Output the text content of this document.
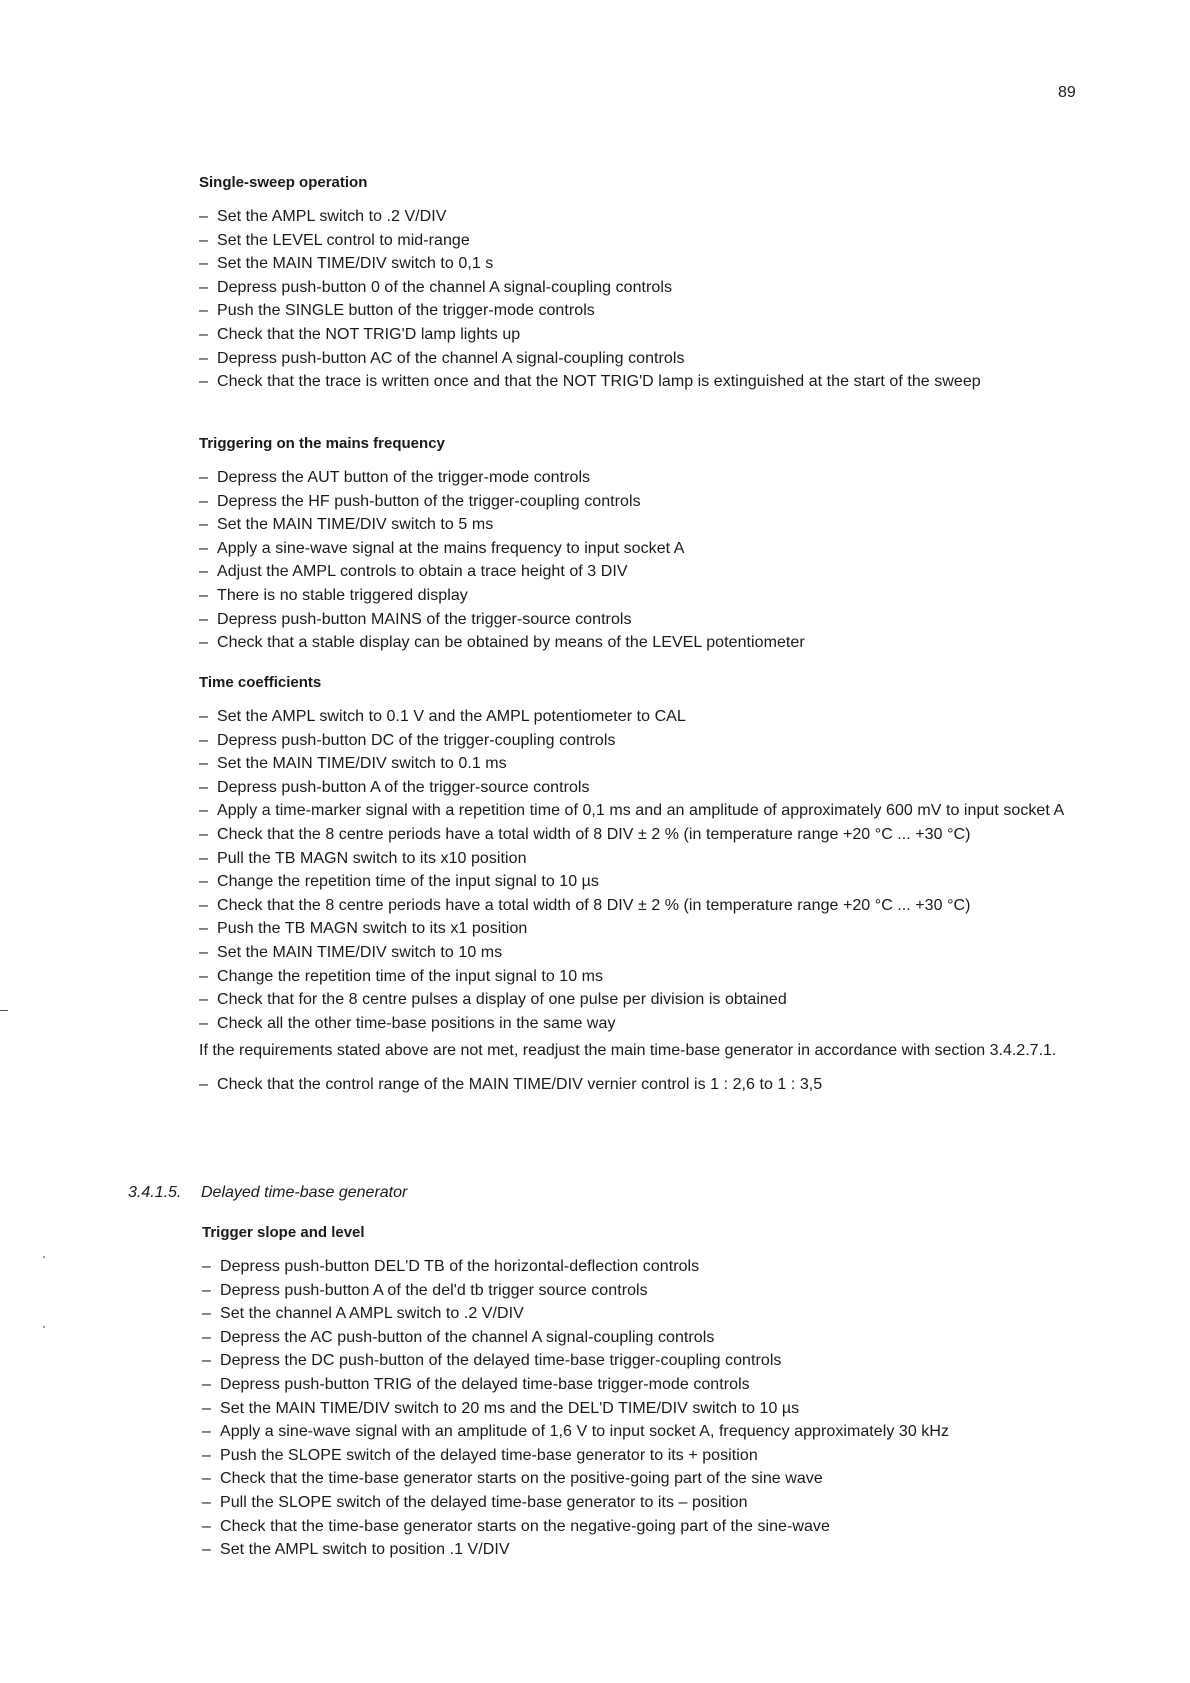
89
Single-sweep operation
– Set the AMPL switch to .2 V/DIV
– Set the LEVEL control to mid-range
– Set the MAIN TIME/DIV switch to 0,1 s
– Depress push-button 0 of the channel A signal-coupling controls
– Push the SINGLE button of the trigger-mode controls
– Check that the NOT TRIG'D lamp lights up
– Depress push-button AC of the channel A signal-coupling controls
– Check that the trace is written once and that the NOT TRIG'D lamp is extinguished at the start of the sweep
Triggering on the mains frequency
– Depress the AUT button of the trigger-mode controls
– Depress the HF push-button of the trigger-coupling controls
– Set the MAIN TIME/DIV switch to 5 ms
– Apply a sine-wave signal at the mains frequency to input socket A
– Adjust the AMPL controls to obtain a trace height of 3 DIV
– There is no stable triggered display
– Depress push-button MAINS of the trigger-source controls
– Check that a stable display can be obtained by means of the LEVEL potentiometer
Time coefficients
– Set the AMPL switch to 0.1 V and the AMPL potentiometer to CAL
– Depress push-button DC of the trigger-coupling controls
– Set the MAIN TIME/DIV switch to 0.1 ms
– Depress push-button A of the trigger-source controls
– Apply a time-marker signal with a repetition time of 0,1 ms and an amplitude of approximately 600 mV to input socket A
– Check that the 8 centre periods have a total width of 8 DIV ± 2 % (in temperature range +20 °C ... +30 °C)
– Pull the TB MAGN switch to its x10 position
– Change the repetition time of the input signal to 10 µs
– Check that the 8 centre periods have a total width of 8 DIV ± 2 % (in temperature range +20 °C ... +30 °C)
– Push the TB MAGN switch to its x1 position
– Set the MAIN TIME/DIV switch to 10 ms
– Change the repetition time of the input signal to 10 ms
– Check that for the 8 centre pulses a display of one pulse per division is obtained
– Check all the other time-base positions in the same way

If the requirements stated above are not met, readjust the main time-base generator in accordance with section 3.4.2.7.1.

– Check that the control range of the MAIN TIME/DIV vernier control is 1 : 2,6 to 1 : 3,5
3.4.1.5. Delayed time-base generator
Trigger slope and level
– Depress push-button DEL'D TB of the horizontal-deflection controls
– Depress push-button A of the del'd tb trigger source controls
– Set the channel A AMPL switch to .2 V/DIV
– Depress the AC push-button of the channel A signal-coupling controls
– Depress the DC push-button of the delayed time-base trigger-coupling controls
– Depress push-button TRIG of the delayed time-base trigger-mode controls
– Set the MAIN TIME/DIV switch to 20 ms and the DEL'D TIME/DIV switch to 10 µs
– Apply a sine-wave signal with an amplitude of 1,6 V to input socket A, frequency approximately 30 kHz
– Push the SLOPE switch of the delayed time-base generator to its + position
– Check that the time-base generator starts on the positive-going part of the sine wave
– Pull the SLOPE switch of the delayed time-base generator to its – position
– Check that the time-base generator starts on the negative-going part of the sine-wave
– Set the AMPL switch to position .1 V/DIV
